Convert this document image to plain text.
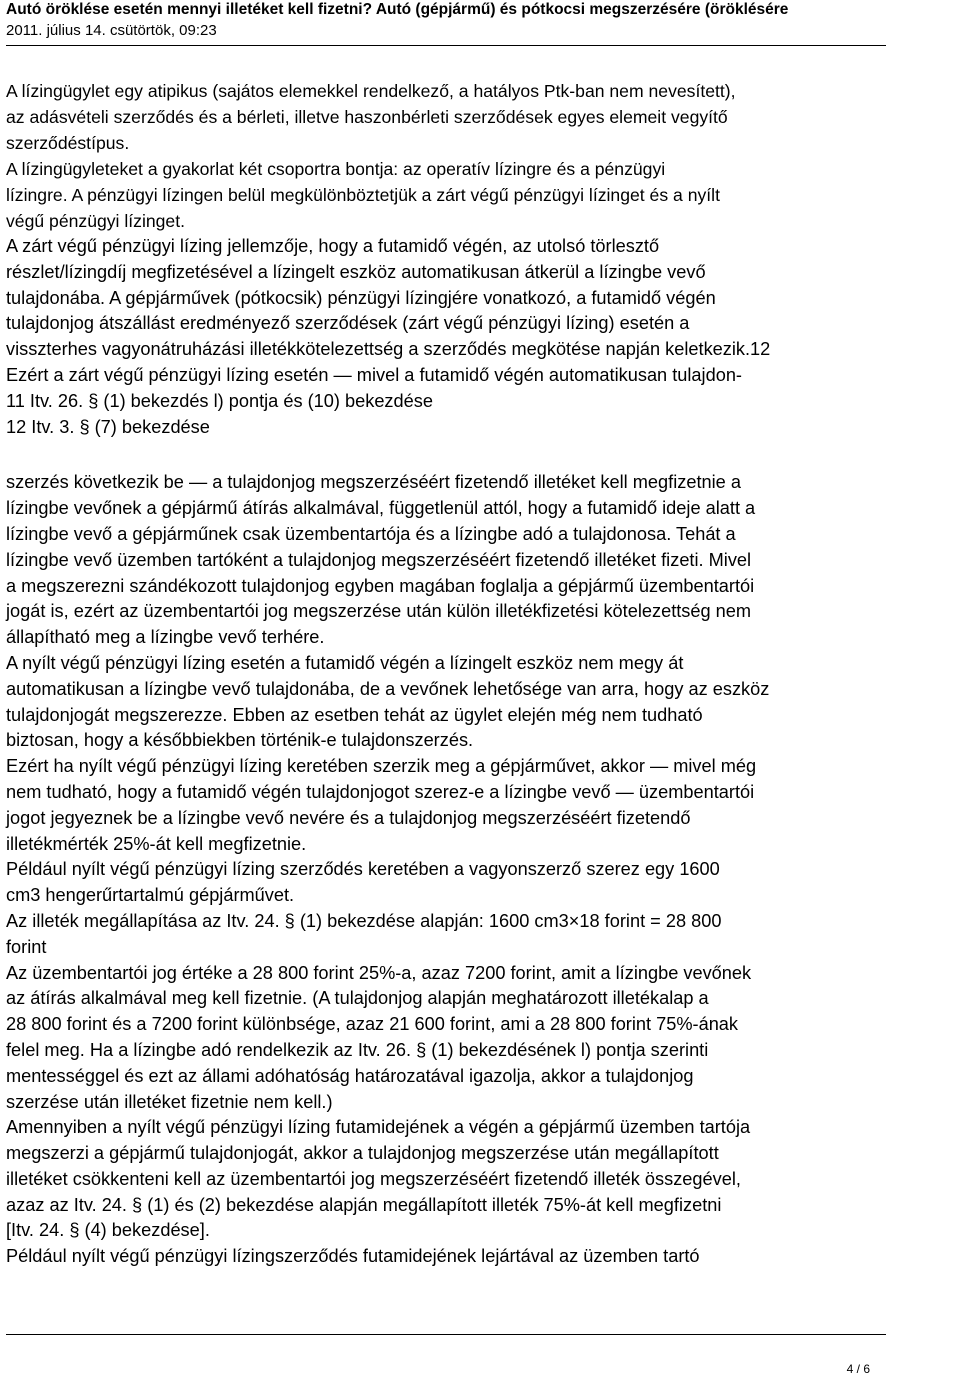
Autó öröklése esetén mennyi illetéket kell fizetni? Autó (gépjármű) és pótkocsi megszerzésére (öröklésére
2011. július 14. csütörtök, 09:23

A lízingügylet egy atipikus (sajátos elemekkel rendelkező, a hatályos Ptk-ban nem nevesített),
az adásvételi szerződés és a bérleti, illetve haszonbérleti szerződések egyes elemeit vegyítő
szerződéstípus.
A lízingügyleteket a gyakorlat két csoportra bontja: az operatív lízingre és a pénzügyi
lízingre. A pénzügyi lízingen belül megkülönböztetjük a zárt végű pénzügyi lízinget és a nyílt
végű pénzügyi lízinget.

A zárt végű pénzügyi lízing jellemzője, hogy a futamidő végén, az utolsó törlesztő
részlet/lízingdíj megfizetésével a lízingelt eszköz automatikusan átkerül a lízingbe vevő
tulajdonába. A gépjárművek (pótkocsik) pénzügyi lízingjére vonatkozó, a futamidő végén
tulajdonjog átszállást eredményező szerződések (zárt végű pénzügyi lízing) esetén a
visszterhes vagyonátruházási illetékkötelezettség a szerződés megkötése napján keletkezik.12
Ezért a zárt végű pénzügyi lízing esetén — mivel a futamidő végén automatikusan tulajdon-
11 Itv. 26. § (1) bekezdés l) pontja és (10) bekezdése
12 Itv. 3. § (7) bekezdése

szerzés következik be — a tulajdonjog megszerzéséért fizetendő illetéket kell megfizetnie a
lízingbe vevőnek a gépjármű átírás alkalmával, függetlenül attól, hogy a futamidő ideje alatt a
lízingbe vevő a gépjárműnek csak üzembentartója és a lízingbe adó a tulajdonosa. Tehát a
lízingbe vevő üzemben tartóként a tulajdonjog megszerzéséért fizetendő illetéket fizeti. Mivel
a megszerezni szándékozott tulajdonjog egyben magában foglalja a gépjármű üzembentartói
jogát is, ezért az üzembentartói jog megszerzése után külön illetékfizetési kötelezettség nem
állapítható meg a lízingbe vevő terhére.
A nyílt végű pénzügyi lízing esetén a futamidő végén a lízingelt eszköz nem megy át
automatikusan a lízingbe vevő tulajdonába, de a vevőnek lehetősége van arra, hogy az eszköz
tulajdonjogát megszerezze. Ebben az esetben tehát az ügylet elején még nem tudható
biztosan, hogy a későbbiekben történik-e tulajdonszerzés.
Ezért ha nyílt végű pénzügyi lízing keretében szerzik meg a gépjárművet, akkor — mivel még
nem tudható, hogy a futamidő végén tulajdonjogot szerez-e a lízingbe vevő — üzembentartói
jogot jegyeznek be a lízingbe vevő nevére és a tulajdonjog megszerzéséért fizetendő
illetékmérték 25%-át kell megfizetnie.
Például nyílt végű pénzügyi lízing szerződés keretében a vagyonszerző szerez egy 1600
cm3 hengerűrtartalmú gépjárművet.
Az illeték megállapítása az Itv. 24. § (1) bekezdése alapján: 1600 cm3×18 forint = 28 800
forint
Az üzembentartói jog értéke a 28 800 forint 25%-a, azaz 7200 forint, amit a lízingbe vevőnek
az átírás alkalmával meg kell fizetnie. (A tulajdonjog alapján meghatározott illetékalap a
28 800 forint és a 7200 forint különbsége, azaz 21 600 forint, ami a 28 800 forint 75%-ának
felel meg. Ha a lízingbe adó rendelkezik az Itv. 26. § (1) bekezdésének l) pontja szerinti
mentességgel és ezt az állami adóhatóság határozatával igazolja, akkor a tulajdonjog
szerzése után illetéket fizetnie nem kell.)
Amennyiben a nyílt végű pénzügyi lízing futamidejének a végén a gépjármű üzemben tartója
megszerzi a gépjármű tulajdonjogát, akkor a tulajdonjog megszerzése után megállapított
illetéket csökkenteni kell az üzembentartói jog megszerzéséért fizetendő illeték összegével,
azaz az Itv. 24. § (1) és (2) bekezdése alapján megállapított illeték 75%-át kell megfizetni
[Itv. 24. § (4) bekezdése].
Például nyílt végű pénzügyi lízingszerződés futamidejének lejártával az üzemben tartó

4 / 6
